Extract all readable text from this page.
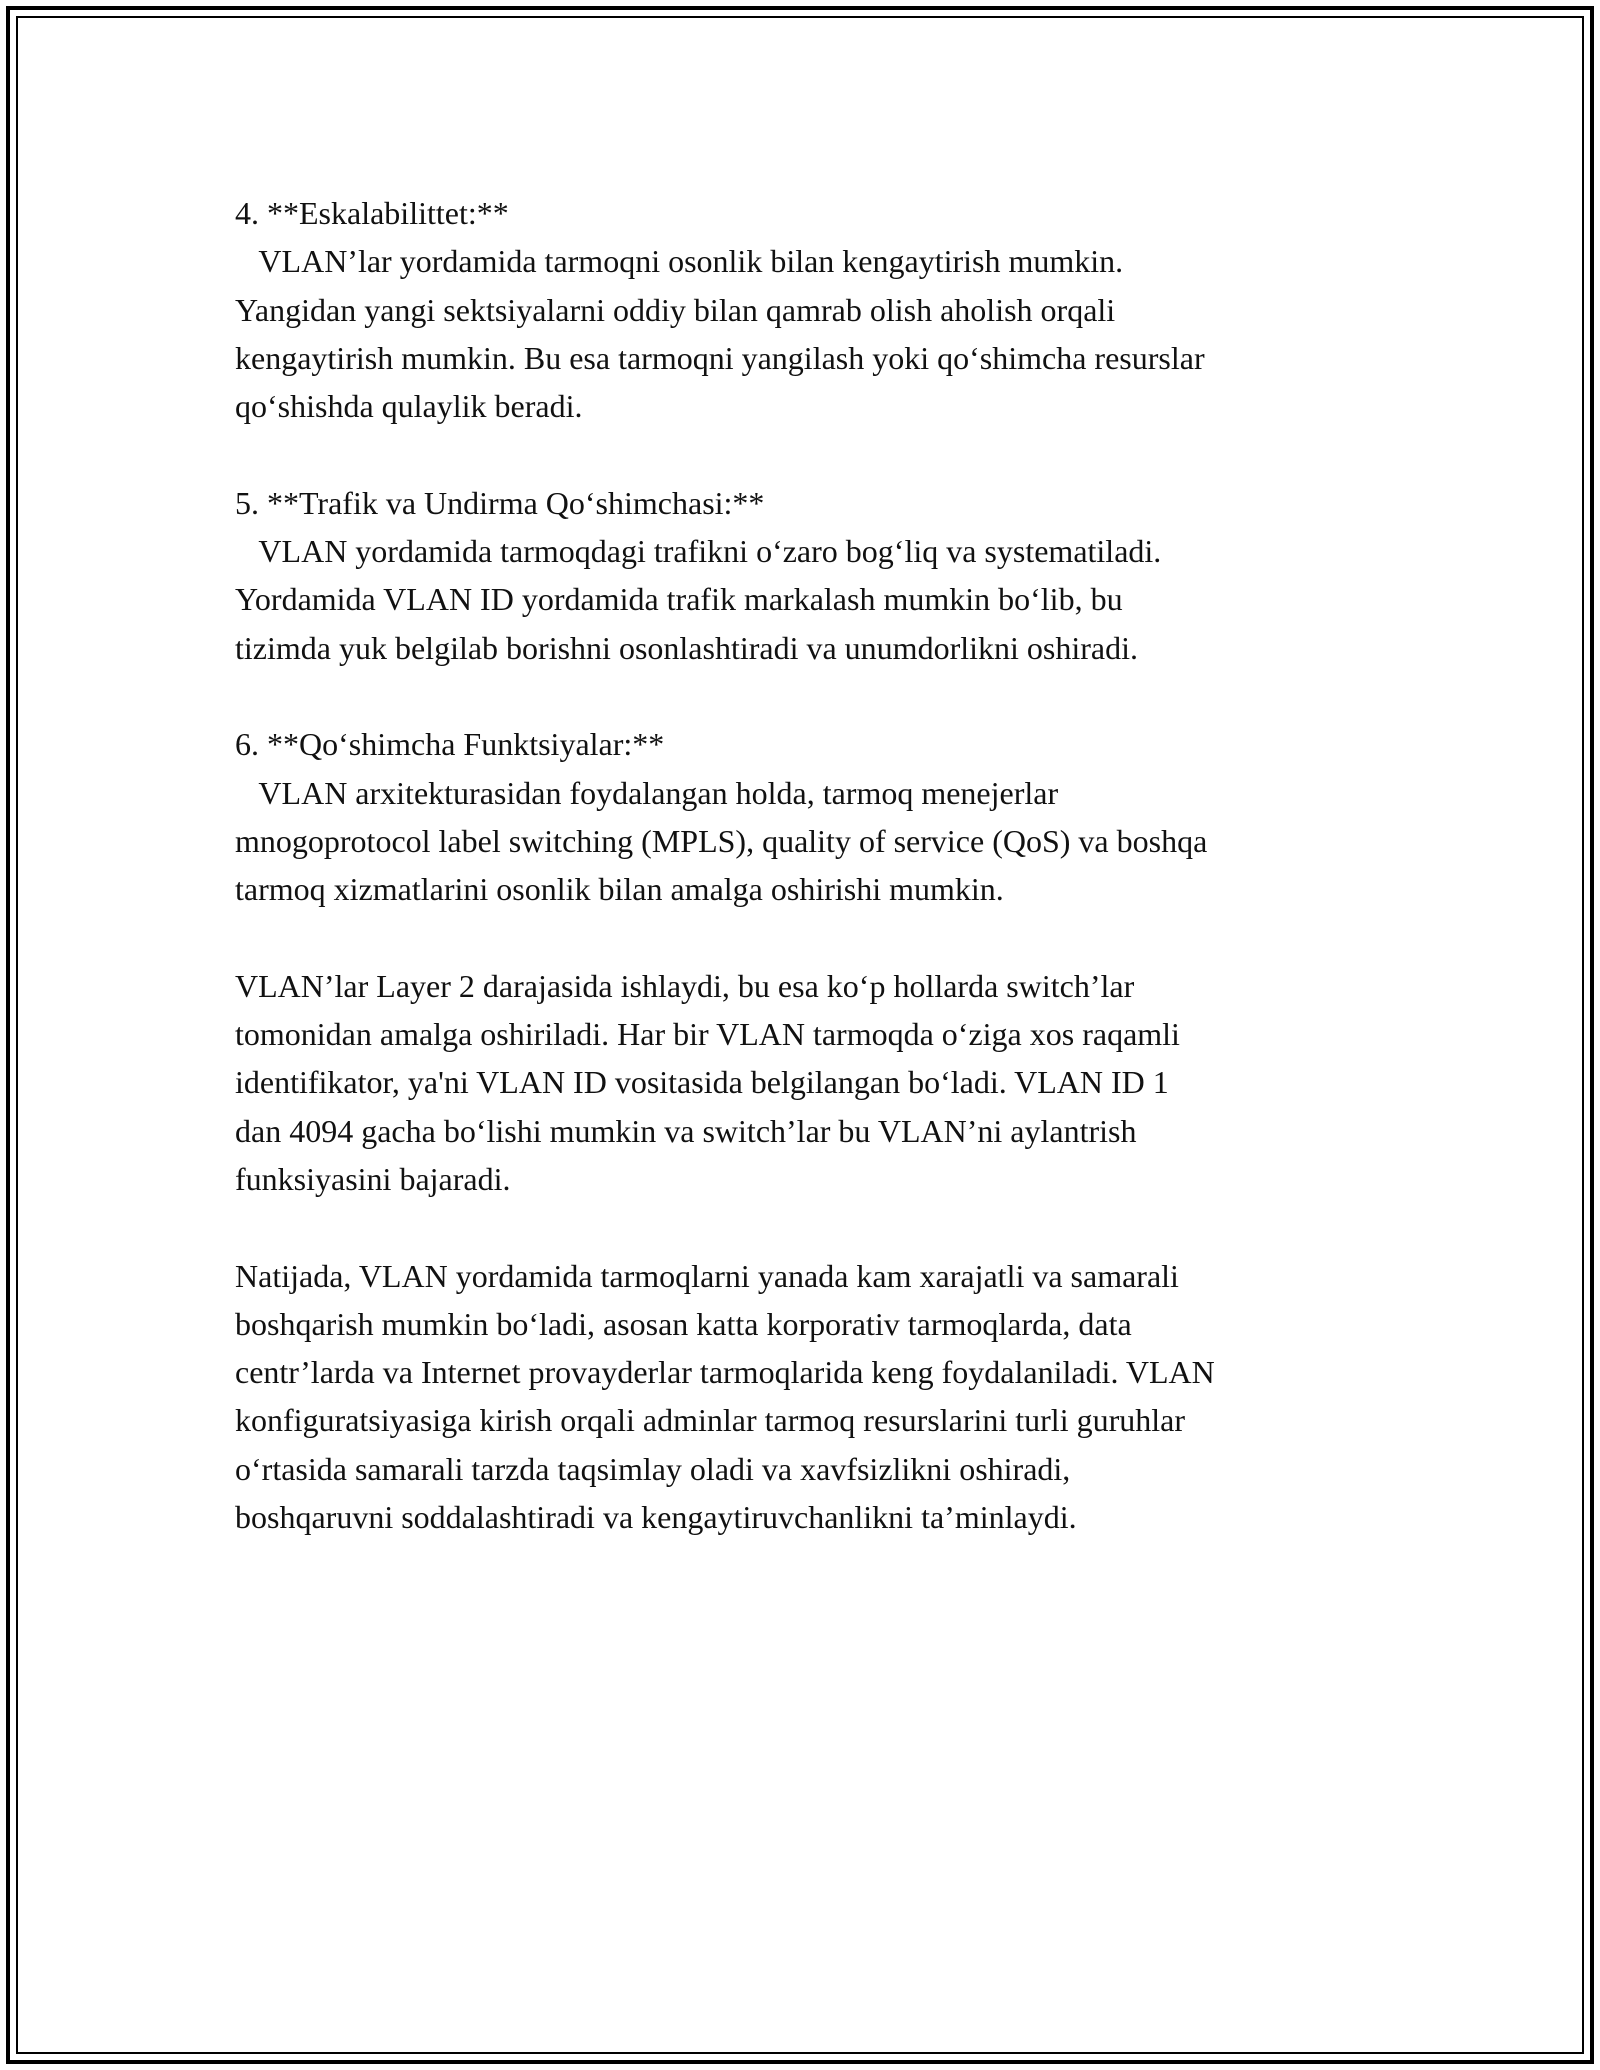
4. **Eskalabilittet:**
VLAN’lar yordamida tarmoqni osonlik bilan kengaytirish mumkin.
Yangidan yangi sektsiyalarni oddiy bilan qamrab olish aholish orqali
kengaytirish mumkin. Bu esa tarmoqni yangilash yoki qo‘shimcha resurslar
qo‘shishda qulaylik beradi.
5. **Trafik va Undirma Qo‘shimchasi:**
VLAN yordamida tarmoqdagi trafikni o‘zaro bog‘liq va systematiladi.
Yordamida VLAN ID yordamida trafik markalash mumkin bo‘lib, bu
tizimda yuk belgilab borishni osonlashtiradi va unumdorlikni oshiradi.
6. **Qo‘shimcha Funktsiyalar:**
VLAN arxitekturasidan foydalangan holda, tarmoq menejerlar
mnogoprotocol label switching (MPLS), quality of service (QoS) va boshqa
tarmoq xizmatlarini osonlik bilan amalga oshirishi mumkin.
VLAN’lar Layer 2 darajasida ishlaydi, bu esa ko‘p hollarda switch’lar
tomonidan amalga oshiriladi. Har bir VLAN tarmoqda o‘ziga xos raqamli
identifikator, ya'ni VLAN ID vositasida belgilangan bo‘ladi. VLAN ID 1
dan 4094 gacha bo‘lishi mumkin va switch’lar bu VLAN’ni aylantrish
funksiyasini bajaradi.
Natijada, VLAN yordamida tarmoqlarni yanada kam xarajatli va samarali
boshqarish mumkin bo‘ladi, asosan katta korporativ tarmoqlarda, data
centr’larda va Internet provayderlar tarmoqlarida keng foydalaniladi. VLAN
konfiguratsiyasiga kirish orqali adminlar tarmoq resurslarini turli guruhlar
o‘rtasida samarali tarzda taqsimlay oladi va xavfsizlikni oshiradi,
boshqaruvni soddalashtiradi va kengaytiruvchanlikni ta’minlaydi.
